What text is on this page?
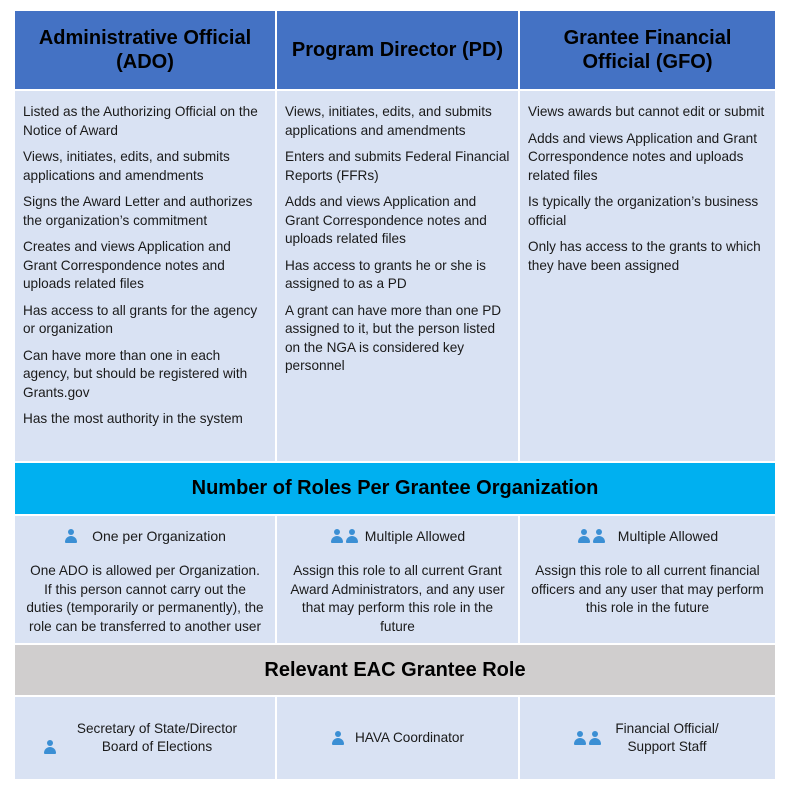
Administrative Official (ADO)
Program Director (PD)
Grantee Financial Official (GFO)

Listed as the Authorizing Official on the Notice of Award

Views, initiates, edits, and submits applications and amendments

Signs the Award Letter and authorizes the organization’s commitment

Creates and views Application and Grant Correspondence notes and uploads related files

Has access to all grants for the agency or organization

Can have more than one in each agency, but should be registered with Grants.gov

Has the most authority in the system

Views, initiates, edits, and submits applications and amendments

Enters and submits Federal Financial Reports (FFRs)

Adds and views Application and Grant Correspondence notes and uploads related files

Has access to grants he or she is assigned to as a PD

A grant can have more than one PD assigned to it, but the person listed on the NGA is considered key personnel

Views awards but cannot edit or submit

Adds and views Application and Grant Correspondence notes and uploads related files

Is typically the organization’s business official

Only has access to the grants to which they have been assigned

Number of Roles Per Grantee Organization
One per Organization
One ADO is allowed per Organization. If this person cannot carry out the duties (temporarily or permanently), the role can be transferred to another user
Multiple Allowed
Assign this role to all current Grant Award Administrators, and any user that may perform this role in the future
Multiple Allowed
Assign this role to all current financial officers and any user that may perform this role in the future
Relevant EAC Grantee Role
Secretary of State/Director Board of Elections
HAVA Coordinator
Financial Official/ Support Staff
